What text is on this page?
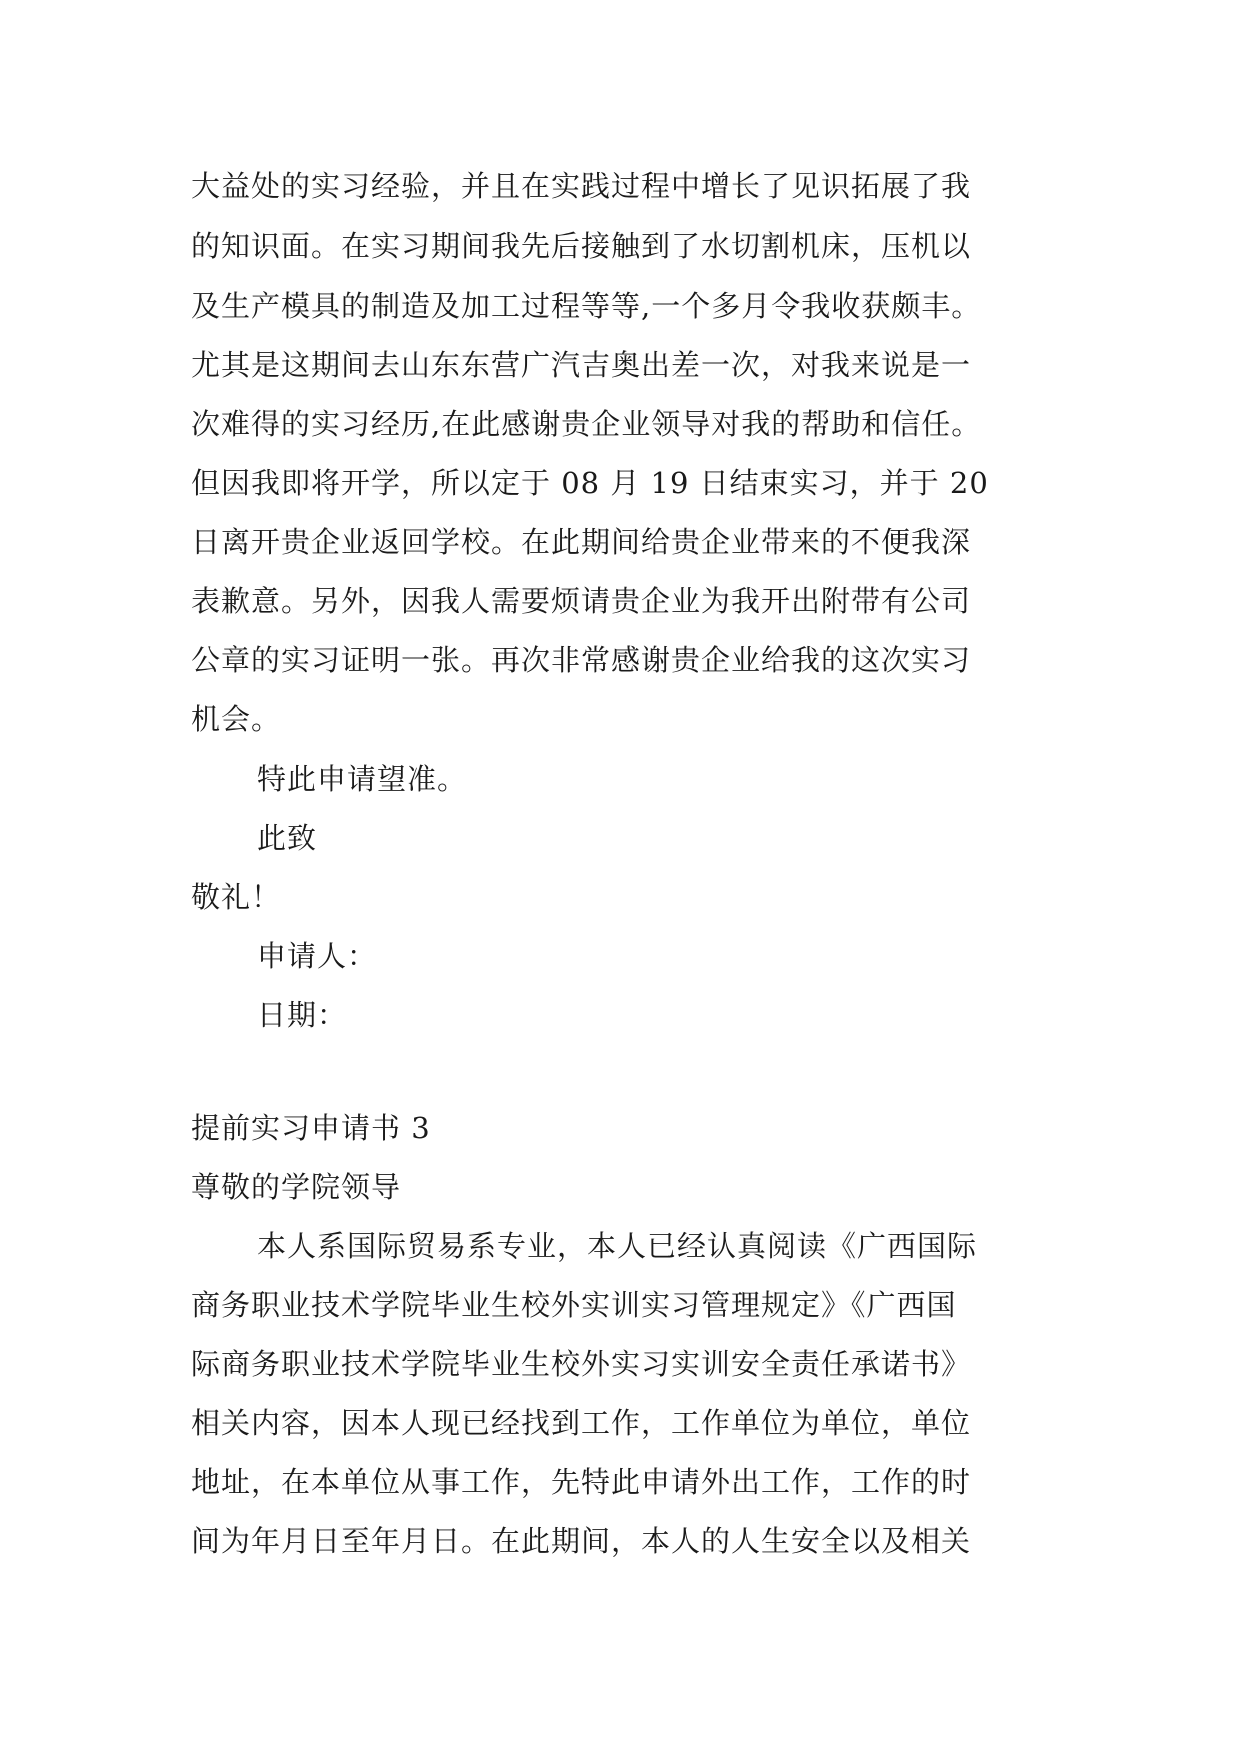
大益处的实习经验，并且在实践过程中增长了见识拓展了我
的知识面。在实习期间我先后接触到了水切割机床，压机以
及生产模具的制造及加工过程等等,一个多月令我收获颇丰。
尤其是这期间去山东东营广汽吉奥出差一次，对我来说是一
次难得的实习经历,在此感谢贵企业领导对我的帮助和信任。
但因我即将开学，所以定于 08 月 19 日结束实习，并于 20
日离开贵企业返回学校。在此期间给贵企业带来的不便我深
表歉意。另外，因我人需要烦请贵企业为我开出附带有公司
公章的实习证明一张。再次非常感谢贵企业给我的这次实习
机会。
特此申请望准。
此致
敬礼！
申请人：
日期：
提前实习申请书 3
尊敬的学院领导
本人系国际贸易系专业，本人已经认真阅读《广西国际
商务职业技术学院毕业生校外实训实习管理规定》《广西国
际商务职业技术学院毕业生校外实习实训安全责任承诺书》
相关内容，因本人现已经找到工作，工作单位为单位，单位
地址，在本单位从事工作，先特此申请外出工作，工作的时
间为年月日至年月日。在此期间，本人的人生安全以及相关
